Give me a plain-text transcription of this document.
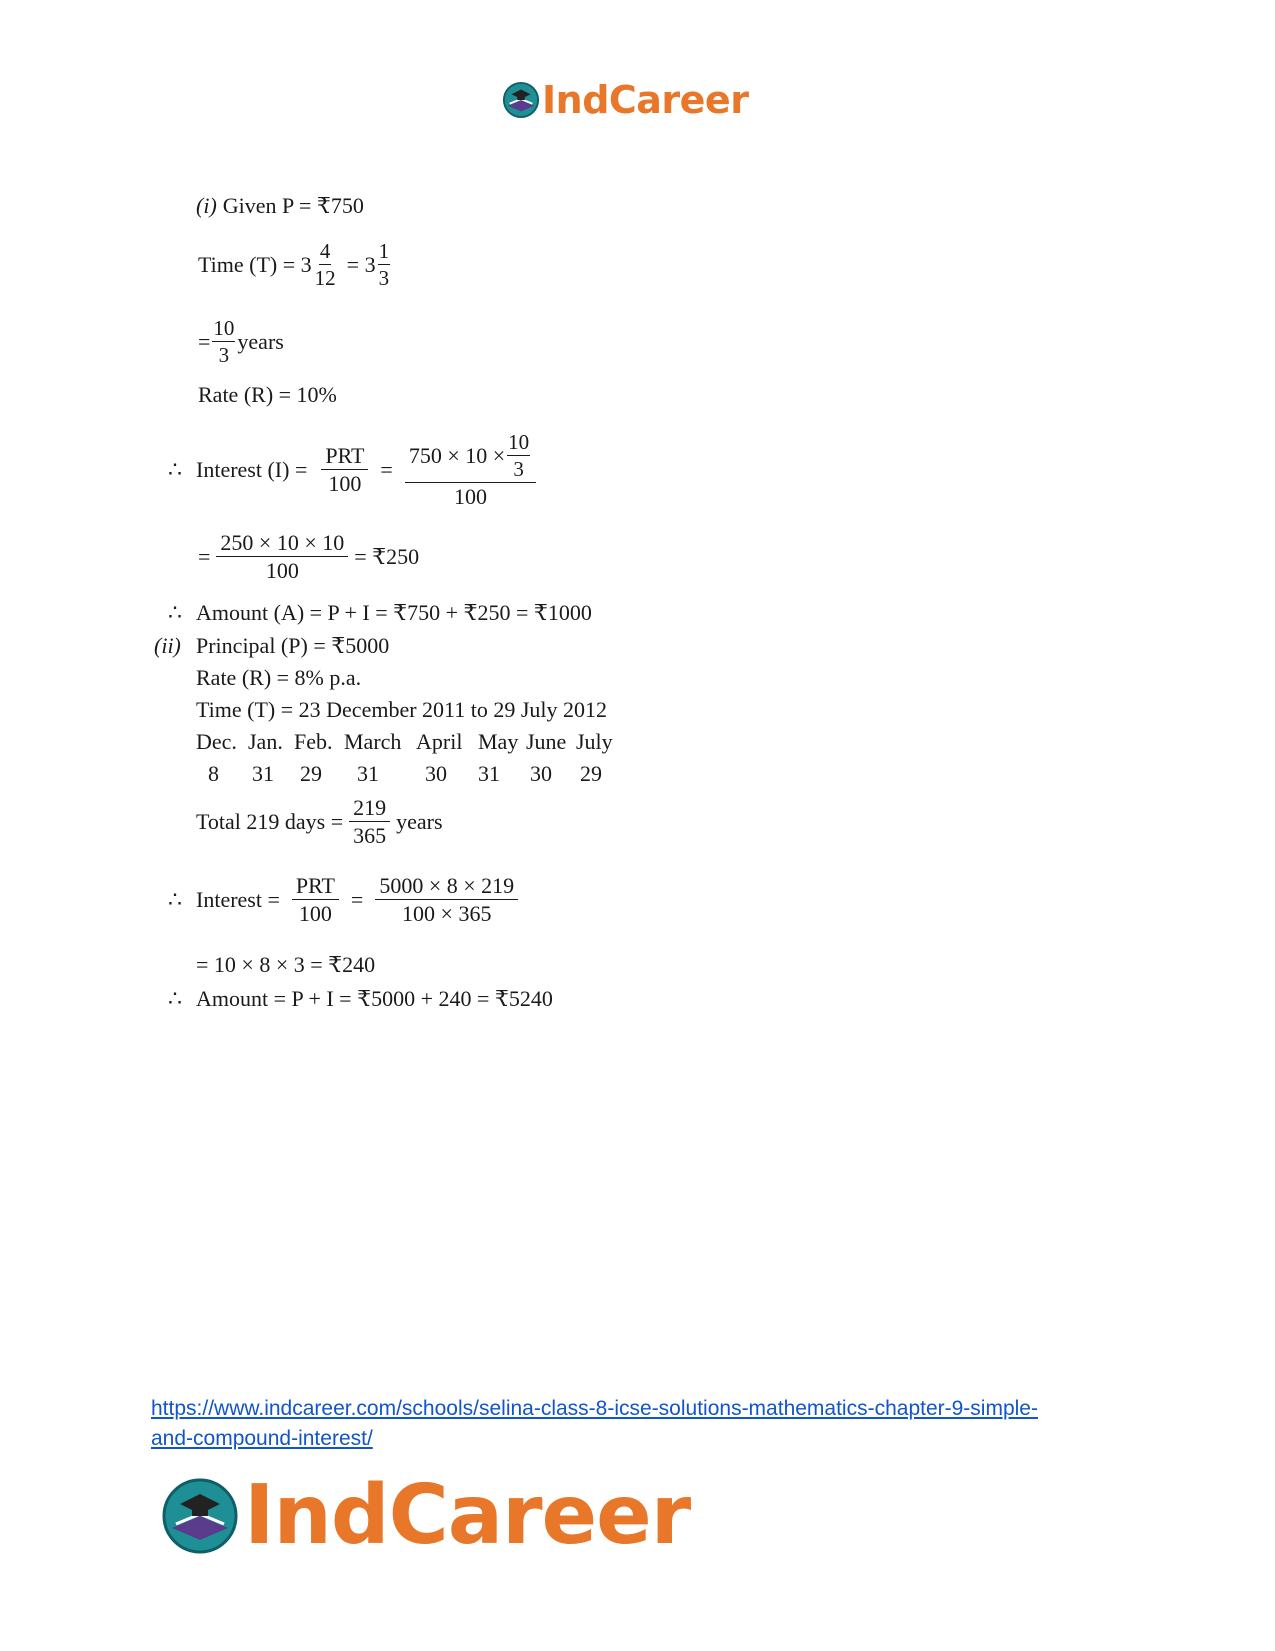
IndCareer
(i) Given P = ₹750
Time $(T) = 3 \frac{4}{12} = 3 \frac{1}{3}$
= $\frac{10}{3}$ years
Rate (R) = 10%
∴ Interest $(I) = \frac{\text{PRT}}{100} = \frac{750 \times 10 \times \frac{10}{3}}{100}$
= $\frac{250 \times 10 \times 10}{100}$ = ₹250
∴ Amount (A) = P + I = ₹750 + ₹250 = ₹1000
(ii) Principal (P) = ₹5000
Rate (R) = 8% p.a.
Time (T) = 23 December 2011 to 29 July 2012
Dec. Jan. Feb. March April May June July
8	31	29	31	30	31	30	29
Total 219 days = $\frac{219}{365}$ years
∴ Interest = $\frac{\text{PRT}}{100} = \frac{5000 \times 8 \times 219}{100 \times 365}$
= 10 × 8 × 3 = ₹240
∴ Amount = P + I = ₹5000 + 240 = ₹5240
https://www.indcareer.com/schools/selina-class-8-icse-solutions-mathematics-chapter-9-simple-
and-compound-interest/
IndCareer
